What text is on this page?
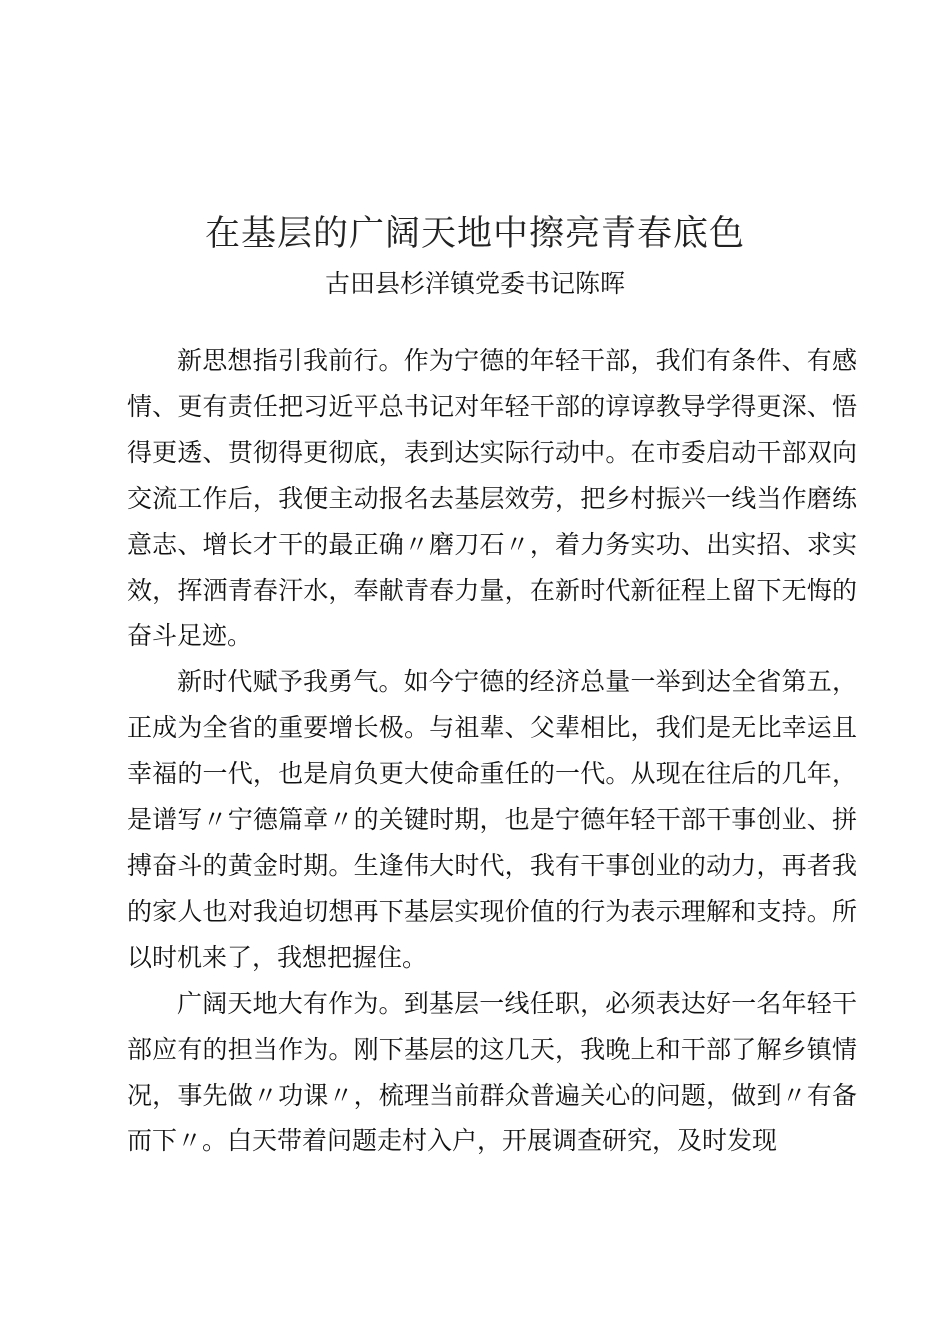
在基层的广阔天地中擦亮青春底色
古田县杉洋镇党委书记陈晖

新思想指引我前行。作为宁德的年轻干部，我们有条件、有感情、更有责任把习近平总书记对年轻干部的谆谆教导学得更深、悟得更透、贯彻得更彻底，表到达实际行动中。在市委启动干部双向交流工作后，我便主动报名去基层效劳，把乡村振兴一线当作磨练意志、增长才干的最正确〃磨刀石〃，着力务实功、出实招、求实效，挥洒青春汗水，奉献青春力量，在新时代新征程上留下无悔的奋斗足迹。

新时代赋予我勇气。如今宁德的经济总量一举到达全省第五，正成为全省的重要增长极。与祖辈、父辈相比，我们是无比幸运且幸福的一代，也是肩负更大使命重任的一代。从现在往后的几年，是谱写〃宁德篇章〃的关键时期，也是宁德年轻干部干事创业、拼搏奋斗的黄金时期。生逢伟大时代，我有干事创业的动力，再者我的家人也对我迫切想再下基层实现价值的行为表示理解和支持。所以时机来了，我想把握住。

广阔天地大有作为。到基层一线任职，必须表达好一名年轻干部应有的担当作为。刚下基层的这几天，我晚上和干部了解乡镇情况，事先做〃功课〃，梳理当前群众普遍关心的问题，做到〃有备而下〃。白天带着问题走村入户，开展调查研究，及时发现
